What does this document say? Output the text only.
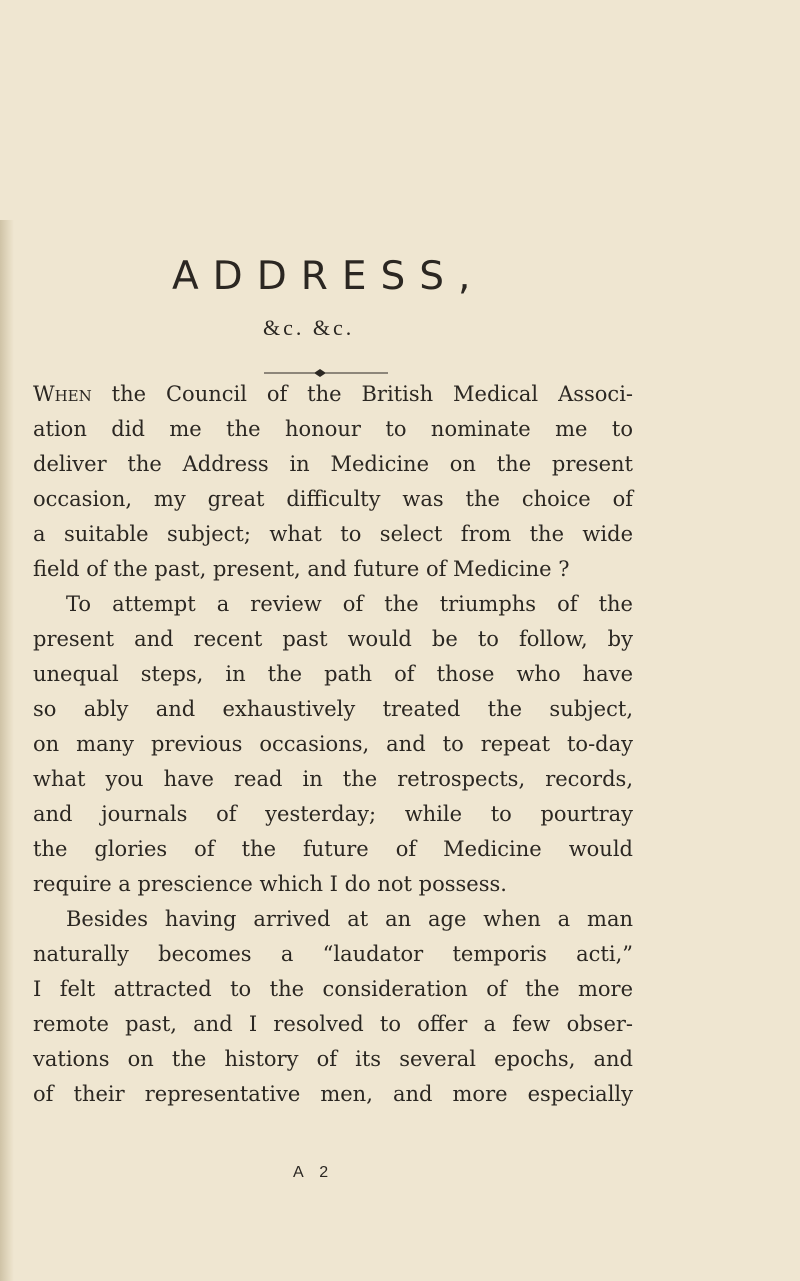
ADDRESS,
&c. &c.
When the Council of the British Medical Associ-
ation did me the honour to nominate me to
deliver the Address in Medicine on the present
occasion, my great difficulty was the choice of
a suitable subject; what to select from the wide
field of the past, present, and future of Medicine ?
To attempt a review of the triumphs of the
present and recent past would be to follow, by
unequal steps, in the path of those who have
so ably and exhaustively treated the subject,
on many previous occasions, and to repeat to-day
what you have read in the retrospects, records,
and journals of yesterday; while to pourtray
the glories of the future of Medicine would
require a prescience which I do not possess.
Besides having arrived at an age when a man
naturally becomes a “laudator temporis acti,”
I felt attracted to the consideration of the more
remote past, and I resolved to offer a few obser-
vations on the history of its several epochs, and
of their representative men, and more especially
A 2
